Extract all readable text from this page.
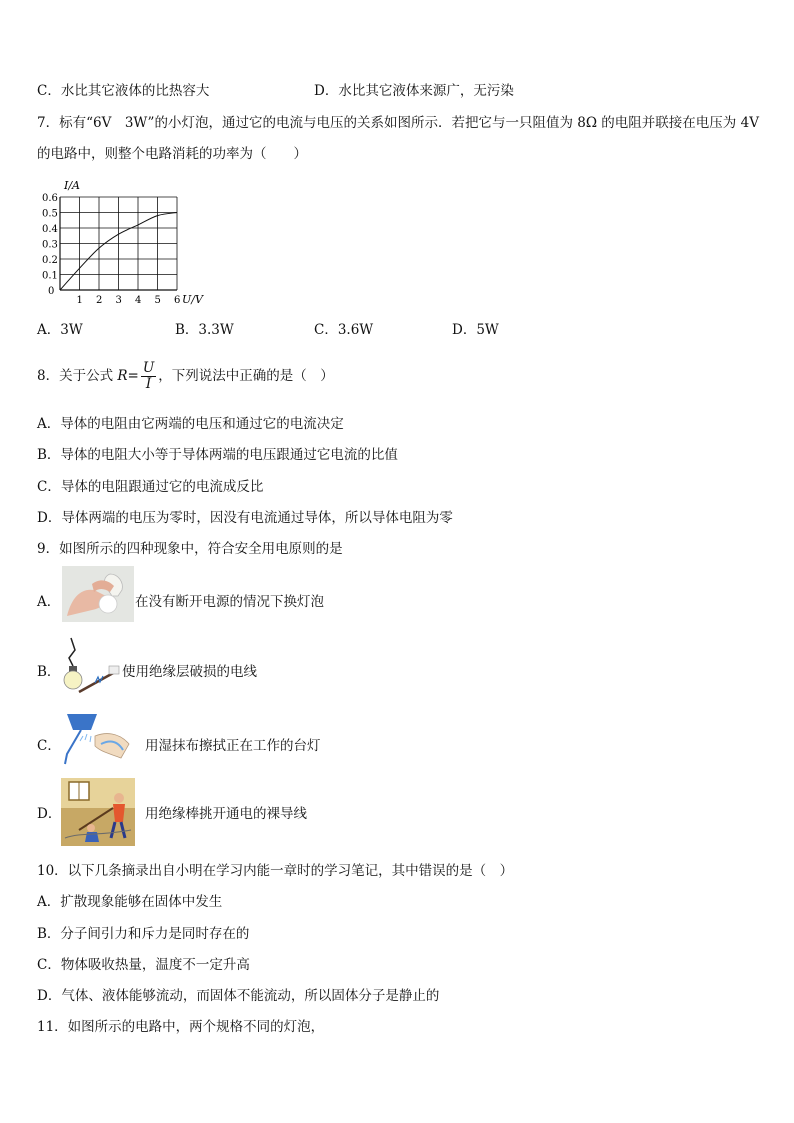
C．水比其它液体的比热容大	D．水比其它液体来源广，无污染
7．标有“6V　3W”的小灯泡，通过它的电流与电压的关系如图所示．若把它与一只阻值为 8Ω 的电阻并联接在电压为 4V
的电路中，则整个电路消耗的功率为（　　）
I/A
U/V
0.1
0.2
0.3
0.4
0.5
0.6
0
1 2 3 4 5 6
A．3W	B．3.3W	C．3.6W	D．5W
8．关于公式 $R= \frac{U}{I}$ ，下列说法中正确的是（　）
A．导体的电阻由它两端的电压和通过它的电流决定
B．导体的电阻大小等于导体两端的电压跟通过它电流的比值
C．导体的电阻跟通过它的电流成反比
D．导体两端的电压为零时，因没有电流通过导体，所以导体电阻为零
9．如图所示的四种现象中，符合安全用电原则的是
A．	在没有断开电源的情况下换灯泡
B．	使用绝缘层破损的电线
C．	用湿抹布擦拭正在工作的台灯
D．	用绝缘棒挑开通电的裸导线
10．以下几条摘录出自小明在学习内能一章时的学习笔记，其中错误的是（　）
A．扩散现象能够在固体中发生
B．分子间引力和斥力是同时存在的
C．物体吸收热量，温度不一定升高
D．气体、液体能够流动，而固体不能流动，所以固体分子是静止的
11．如图所示的电路中，两个规格不同的灯泡，
